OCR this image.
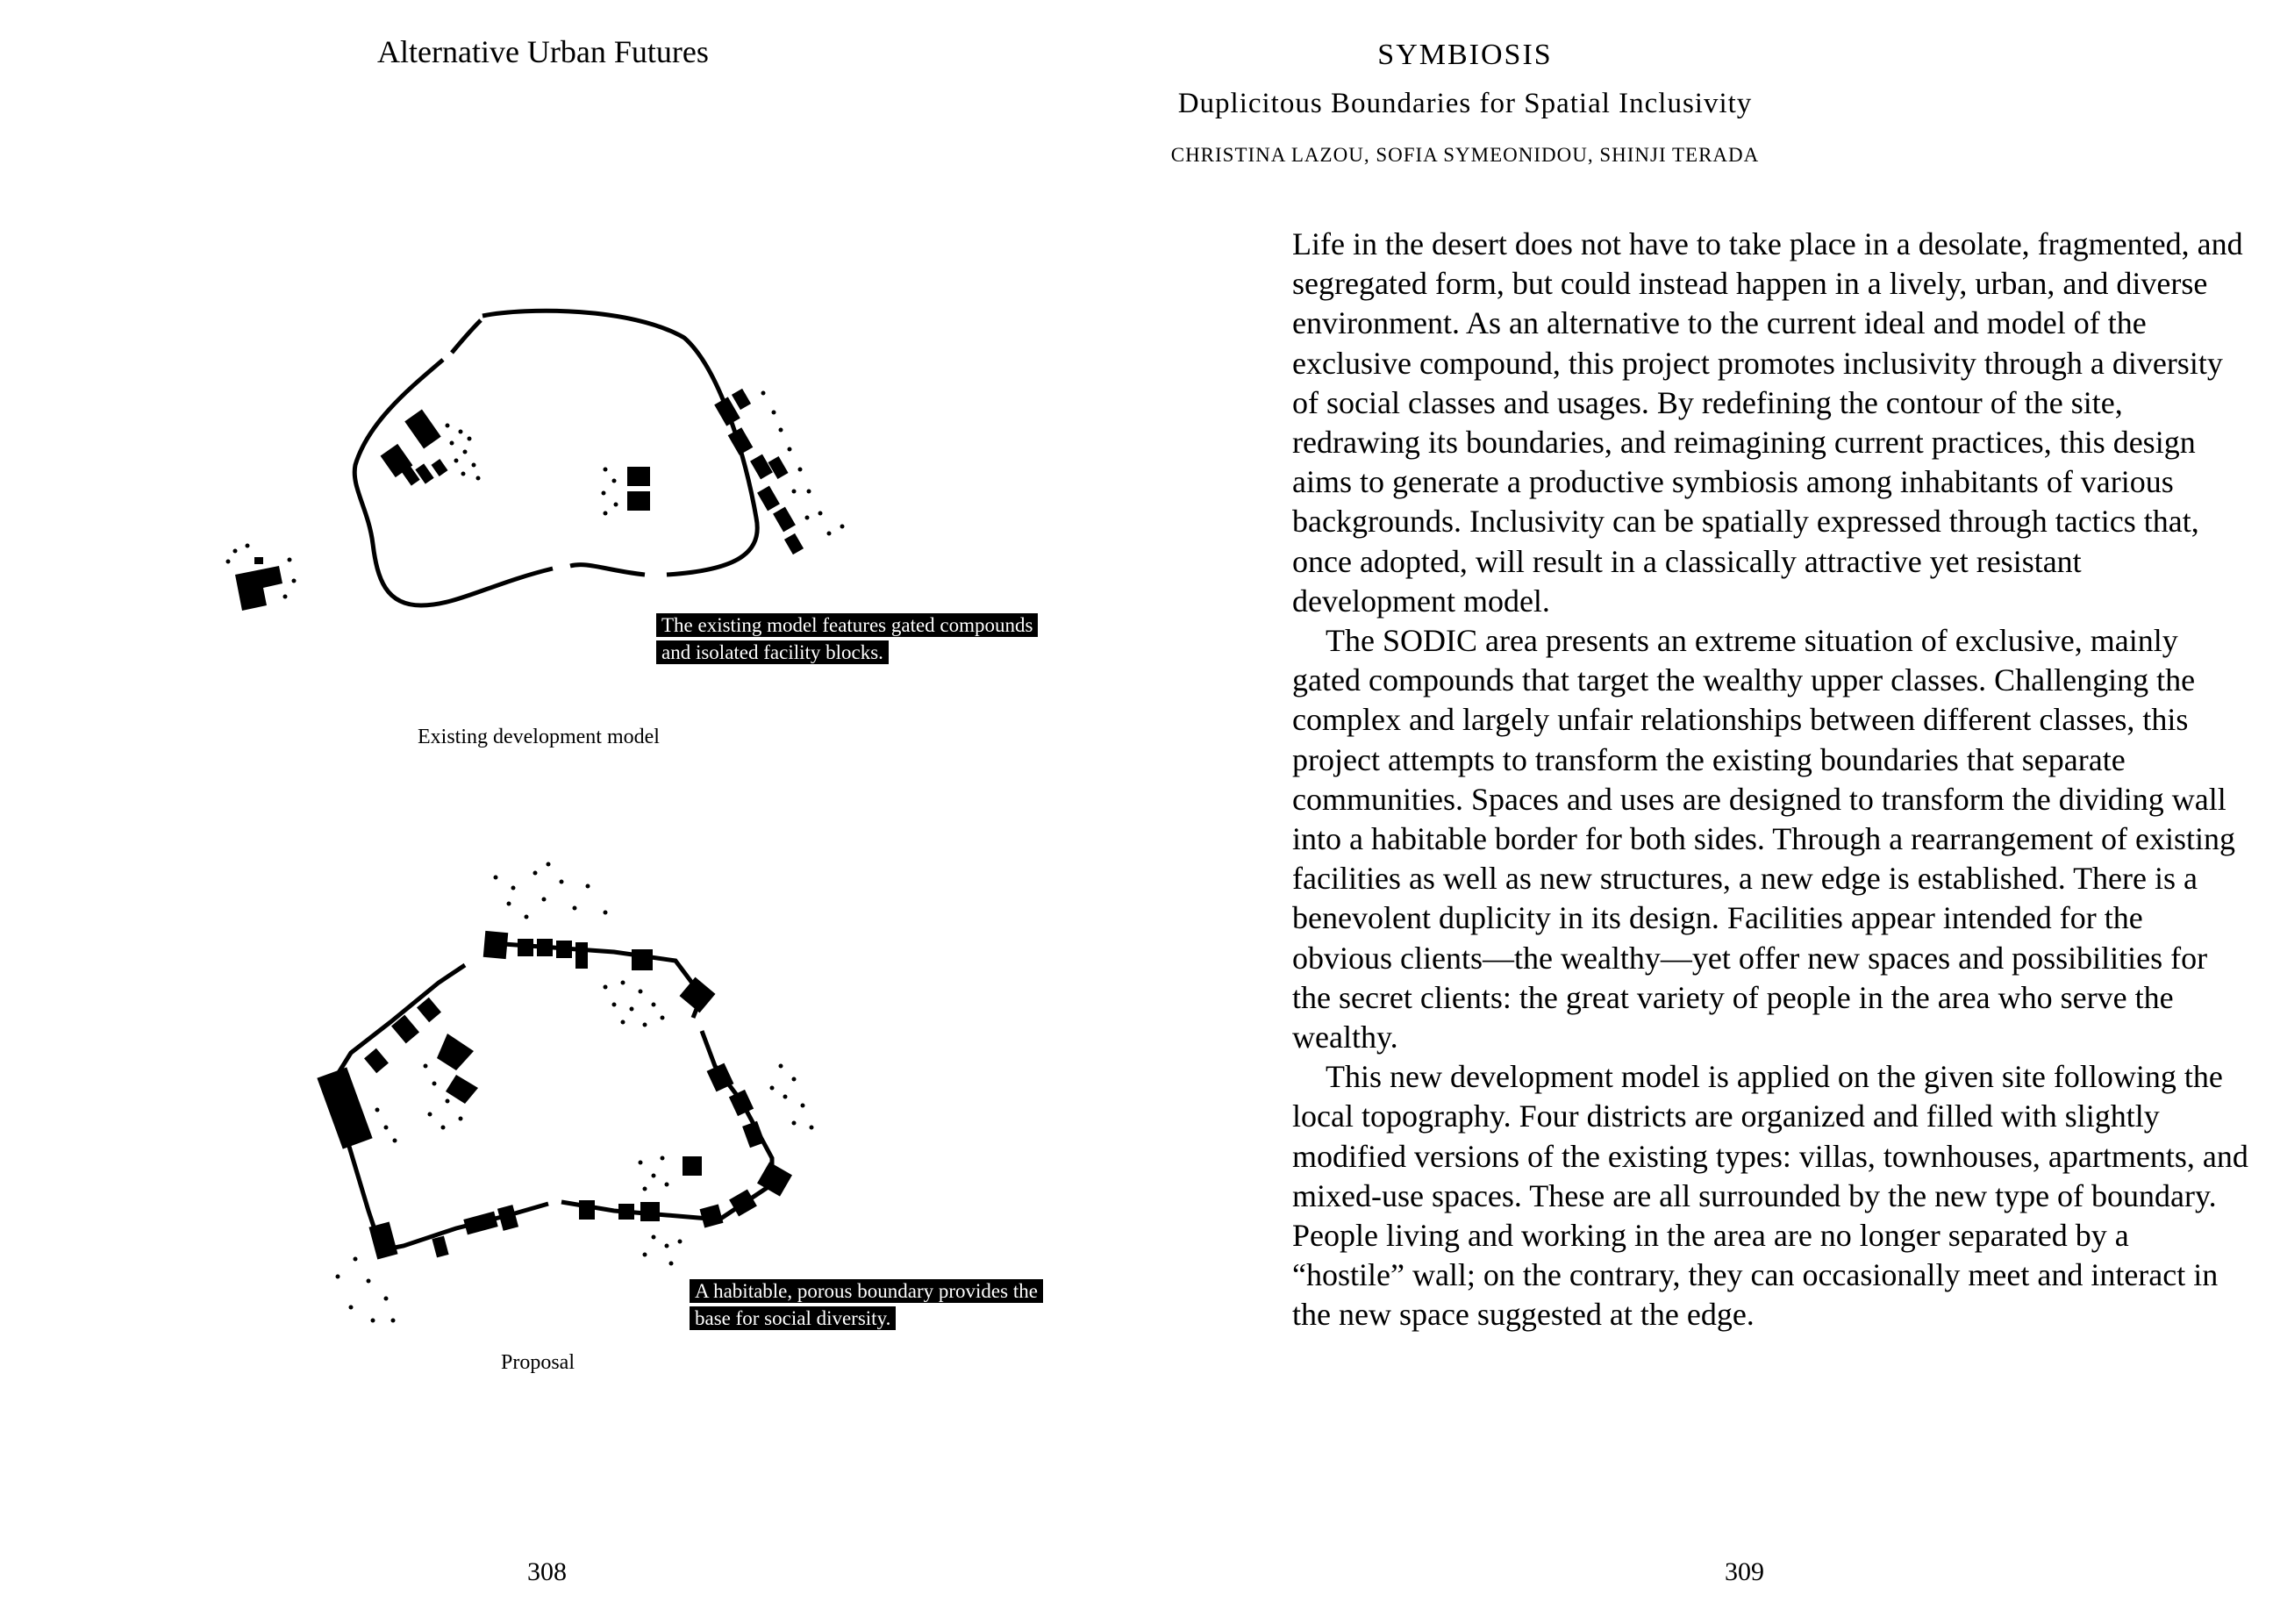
Alternative Urban Futures
The existing model features gated compounds and isolated facility blocks.
Existing development model
A habitable, porous boundary provides the base for social diversity.
Proposal
308
SYMBIOSIS
Duplicitous Boundaries for Spatial Inclusivity
CHRISTINA LAZOU, SOFIA SYMEONIDOU, SHINJI TERADA

Life in the desert does not have to take place in a desolate, fragmented, and segregated form, but could instead happen in a lively, urban, and diverse environment. As an alternative to the current ideal and model of the exclusive compound, this project promotes inclusivity through a diversity of social classes and usages. By redefining the contour of the site, redrawing its boundaries, and reimagining current practices, this design aims to generate a productive symbiosis among inhabitants of various backgrounds. Inclusivity can be spatially expressed through tactics that, once adopted, will result in a classically attractive yet resistant development model.

The SODIC area presents an extreme situation of exclusive, mainly gated compounds that target the wealthy upper classes. Challenging the complex and largely unfair relationships between different classes, this project attempts to transform the existing boundaries that separate communities. Spaces and uses are designed to transform the dividing wall into a habitable border for both sides. Through a rearrangement of existing facilities as well as new structures, a new edge is established. There is a benevolent duplicity in its design. Facilities appear intended for the obvious clients—the wealthy—yet offer new spaces and possibilities for the secret clients: the great variety of people in the area who serve the wealthy.

This new development model is applied on the given site following the local topography. Four districts are organized and filled with slightly modified versions of the existing types: villas, townhouses, apartments, and mixed-use spaces. These are all surrounded by the new type of boundary. People living and working in the area are no longer separated by a “hostile” wall; on the contrary, they can occasionally meet and interact in the new space suggested at the edge.

309
